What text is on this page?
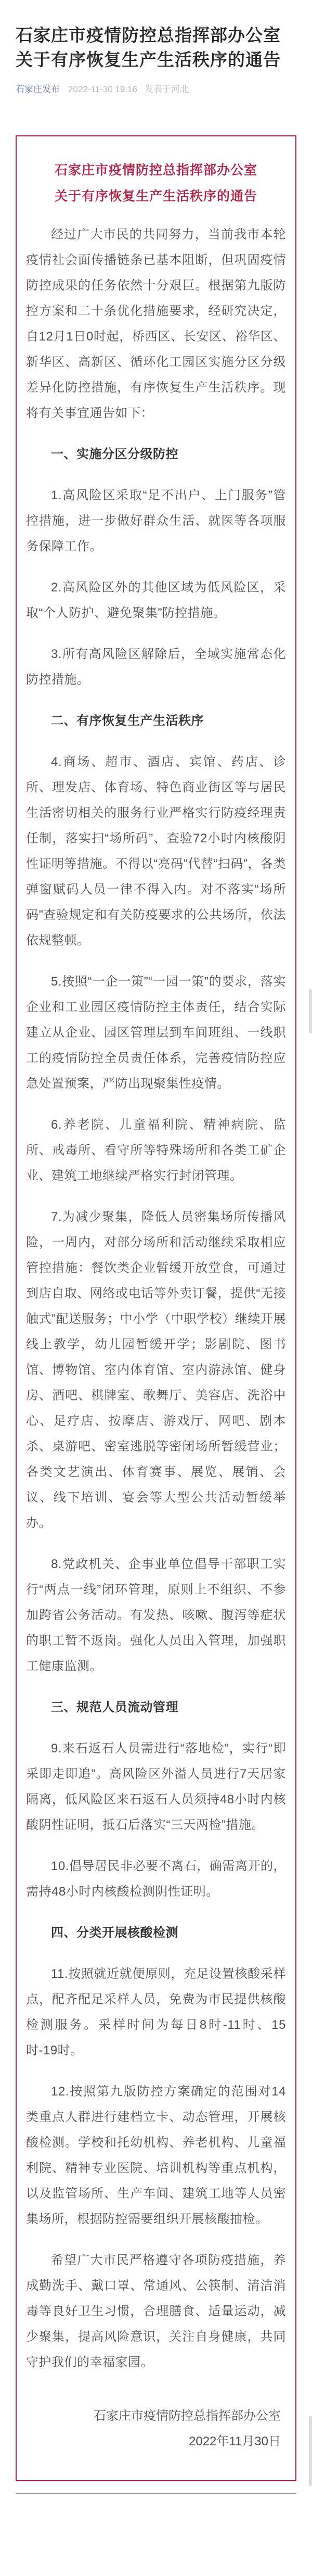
石家庄市疫情防控总指挥部办公室关于有序恢复生产生活秩序的通告
石家庄发布 2022-11-30 19:16 发表于河北
石家庄市疫情防控总指挥部办公室
关于有序恢复生产生活秩序的通告

经过广大市民的共同努力，当前我市本轮疫情社会面传播链条已基本阻断，但巩固疫情防控成果的任务依然十分艰巨。根据第九版防控方案和二十条优化措施要求，经研究决定，自12月1日0时起，桥西区、长安区、裕华区、新华区、高新区、循环化工园区实施分区分级差异化防控措施，有序恢复生产生活秩序。现将有关事宜通告如下：

一、实施分区分级防控

1.高风险区采取“足不出户、上门服务”管控措施，进一步做好群众生活、就医等各项服务保障工作。

2.高风险区外的其他区域为低风险区，采取“个人防护、避免聚集”防控措施。

3.所有高风险区解除后，全域实施常态化防控措施。

二、有序恢复生产生活秩序

4.商场、超市、酒店、宾馆、药店、诊所、理发店、体育场、特色商业街区等与居民生活密切相关的服务行业严格实行防疫经理责任制，落实扫“场所码”、查验72小时内核酸阴性证明等措施。不得以“亮码”代替“扫码”，各类弹窗赋码人员一律不得入内。对不落实“场所码”查验规定和有关防疫要求的公共场所，依法依规整顿。

5.按照“一企一策”“一园一策”的要求，落实企业和工业园区疫情防控主体责任，结合实际建立从企业、园区管理层到车间班组、一线职工的疫情防控全员责任体系，完善疫情防控应急处置预案，严防出现聚集性疫情。

6.养老院、儿童福利院、精神病院、监所、戒毒所、看守所等特殊场所和各类工矿企业、建筑工地继续严格实行封闭管理。

7.为减少聚集，降低人员密集场所传播风险，一周内，对部分场所和活动继续采取相应管控措施：餐饮类企业暂缓开放堂食，可通过到店自取、网络或电话等外卖订餐，提供“无接触式”配送服务；中小学（中职学校）继续开展线上教学，幼儿园暂缓开学；影剧院、图书馆、博物馆、室内体育馆、室内游泳馆、健身房、酒吧、棋牌室、歌舞厅、美容店、洗浴中心、足疗店、按摩店、游戏厅、网吧、剧本杀、桌游吧、密室逃脱等密闭场所暂缓营业；各类文艺演出、体育赛事、展览、展销、会议、线下培训、宴会等大型公共活动暂缓举办。

8.党政机关、企事业单位倡导干部职工实行“两点一线”闭环管理，原则上不组织、不参加跨省公务活动。有发热、咳嗽、腹泻等症状的职工暂不返岗。强化人员出入管理，加强职工健康监测。

三、规范人员流动管理

9.来石返石人员需进行“落地检”，实行“即采即走即追”。高风险区外溢人员进行7天居家隔离，低风险区来石返石人员须持48小时内核酸阴性证明，抵石后落实“三天两检”措施。

10.倡导居民非必要不离石，确需离开的，需持48小时内核酸检测阴性证明。

四、分类开展核酸检测

11.按照就近就便原则，充足设置核酸采样点，配齐配足采样人员，免费为市民提供核酸检测服务。采样时间为每日8时-11时、15时-19时。

12.按照第九版防控方案确定的范围对14类重点人群进行建档立卡、动态管理，开展核酸检测。学校和托幼机构、养老机构、儿童福利院、精神专业医院、培训机构等重点机构，以及监管场所、生产车间、建筑工地等人员密集场所，根据防控需要组织开展核酸抽检。

希望广大市民严格遵守各项防疫措施，养成勤洗手、戴口罩、常通风、公筷制、清洁消毒等良好卫生习惯，合理膳食、适量运动，减少聚集，提高风险意识，关注自身健康，共同守护我们的幸福家园。

石家庄市疫情防控总指挥部办公室
2022年11月30日
